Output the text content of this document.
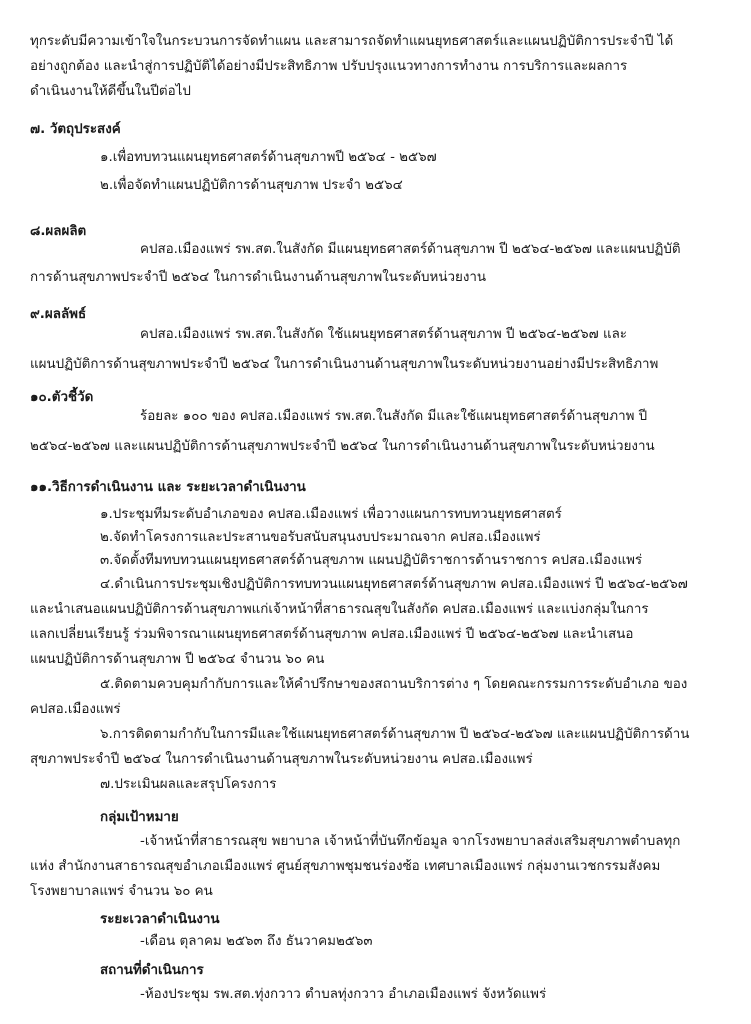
ทุกระดับมีความเข้าใจในกระบวนการจัดทำแผน และสามารถจัดทำแผนยุทธศาสตร์และแผนปฏิบัติการประจำปี ได้
อย่างถูกต้อง และนำสู่การปฏิบัติได้อย่างมีประสิทธิภาพ ปรับปรุงแนวทางการทำงาน การบริการและผลการ
ดำเนินงานให้ดีขึ้นในปีต่อไป
๗. วัตถุประสงค์
๑.เพื่อทบทวนแผนยุทธศาสตร์ด้านสุขภาพปี ๒๕๖๔ - ๒๕๖๗
๒.เพื่อจัดทำแผนปฏิบัติการด้านสุขภาพ ประจำ ๒๕๖๔
๘.ผลผลิต
คปสอ.เมืองแพร่ รพ.สต.ในสังกัด มีแผนยุทธศาสตร์ด้านสุขภาพ ปี ๒๕๖๔-๒๕๖๗ และแผนปฏิบัติ
การด้านสุขภาพประจำปี ๒๕๖๔ ในการดำเนินงานด้านสุขภาพในระดับหน่วยงาน
๙.ผลลัพธ์
คปสอ.เมืองแพร่ รพ.สต.ในสังกัด ใช้แผนยุทธศาสตร์ด้านสุขภาพ ปี ๒๕๖๔-๒๕๖๗ และ
แผนปฏิบัติการด้านสุขภาพประจำปี ๒๕๖๔ ในการดำเนินงานด้านสุขภาพในระดับหน่วยงานอย่างมีประสิทธิภาพ
๑๐.ตัวชี้วัด
ร้อยละ ๑๐๐ ของ คปสอ.เมืองแพร่ รพ.สต.ในสังกัด มีและใช้แผนยุทธศาสตร์ด้านสุขภาพ ปี
๒๕๖๔-๒๕๖๗ และแผนปฏิบัติการด้านสุขภาพประจำปี ๒๕๖๔ ในการดำเนินงานด้านสุขภาพในระดับหน่วยงาน
๑๑.วิธีการดำเนินงาน และ ระยะเวลาดำเนินงาน
๑.ประชุมทีมระดับอำเภอของ คปสอ.เมืองแพร่ เพื่อวางแผนการทบทวนยุทธศาสตร์
๒.จัดทำโครงการและประสานขอรับสนับสนุนงบประมาณจาก คปสอ.เมืองแพร่
๓.จัดตั้งทีมทบทวนแผนยุทธศาสตร์ด้านสุขภาพ แผนปฏิบัติราชการด้านราชการ คปสอ.เมืองแพร่
๔.ดำเนินการประชุมเชิงปฏิบัติการทบทวนแผนยุทธศาสตร์ด้านสุขภาพ คปสอ.เมืองแพร่ ปี ๒๕๖๔-๒๕๖๗
และนำเสนอแผนปฏิบัติการด้านสุขภาพแก่เจ้าหน้าที่สาธารณสุขในสังกัด คปสอ.เมืองแพร่ และแบ่งกลุ่มในการ
แลกเปลี่ยนเรียนรู้ ร่วมพิจารณาแผนยุทธศาสตร์ด้านสุขภาพ คปสอ.เมืองแพร่ ปี ๒๕๖๔-๒๕๖๗ และนำเสนอ
แผนปฏิบัติการด้านสุขภาพ ปี ๒๕๖๔ จำนวน ๖๐ คน
๕.ติดตามควบคุมกำกับการและให้คำปรึกษาของสถานบริการต่าง ๆ โดยคณะกรรมการระดับอำเภอ ของ
คปสอ.เมืองแพร่
๖.การติดตามกำกับในการมีและใช้แผนยุทธศาสตร์ด้านสุขภาพ ปี ๒๕๖๔-๒๕๖๗ และแผนปฏิบัติการด้าน
สุขภาพประจำปี ๒๕๖๔ ในการดำเนินงานด้านสุขภาพในระดับหน่วยงาน คปสอ.เมืองแพร่
๗.ประเมินผลและสรุปโครงการ
กลุ่มเป้าหมาย
-เจ้าหน้าที่สาธารณสุข พยาบาล เจ้าหน้าที่บันทึกข้อมูล จากโรงพยาบาลส่งเสริมสุขภาพตำบลทุก
แห่ง สำนักงานสาธารณสุขอำเภอเมืองแพร่ ศูนย์สุขภาพชุมชนร่องซ้อ เทศบาลเมืองแพร่ กลุ่มงานเวชกรรมสังคม
โรงพยาบาลแพร่ จำนวน ๖๐ คน
ระยะเวลาดำเนินงาน
-เดือน ตุลาคม ๒๕๖๓ ถึง ธันวาคม๒๕๖๓
สถานที่ดำเนินการ
-ห้องประชุม รพ.สต.ทุ่งกวาว ตำบลทุ่งกวาว อำเภอเมืองแพร่ จังหวัดแพร่
